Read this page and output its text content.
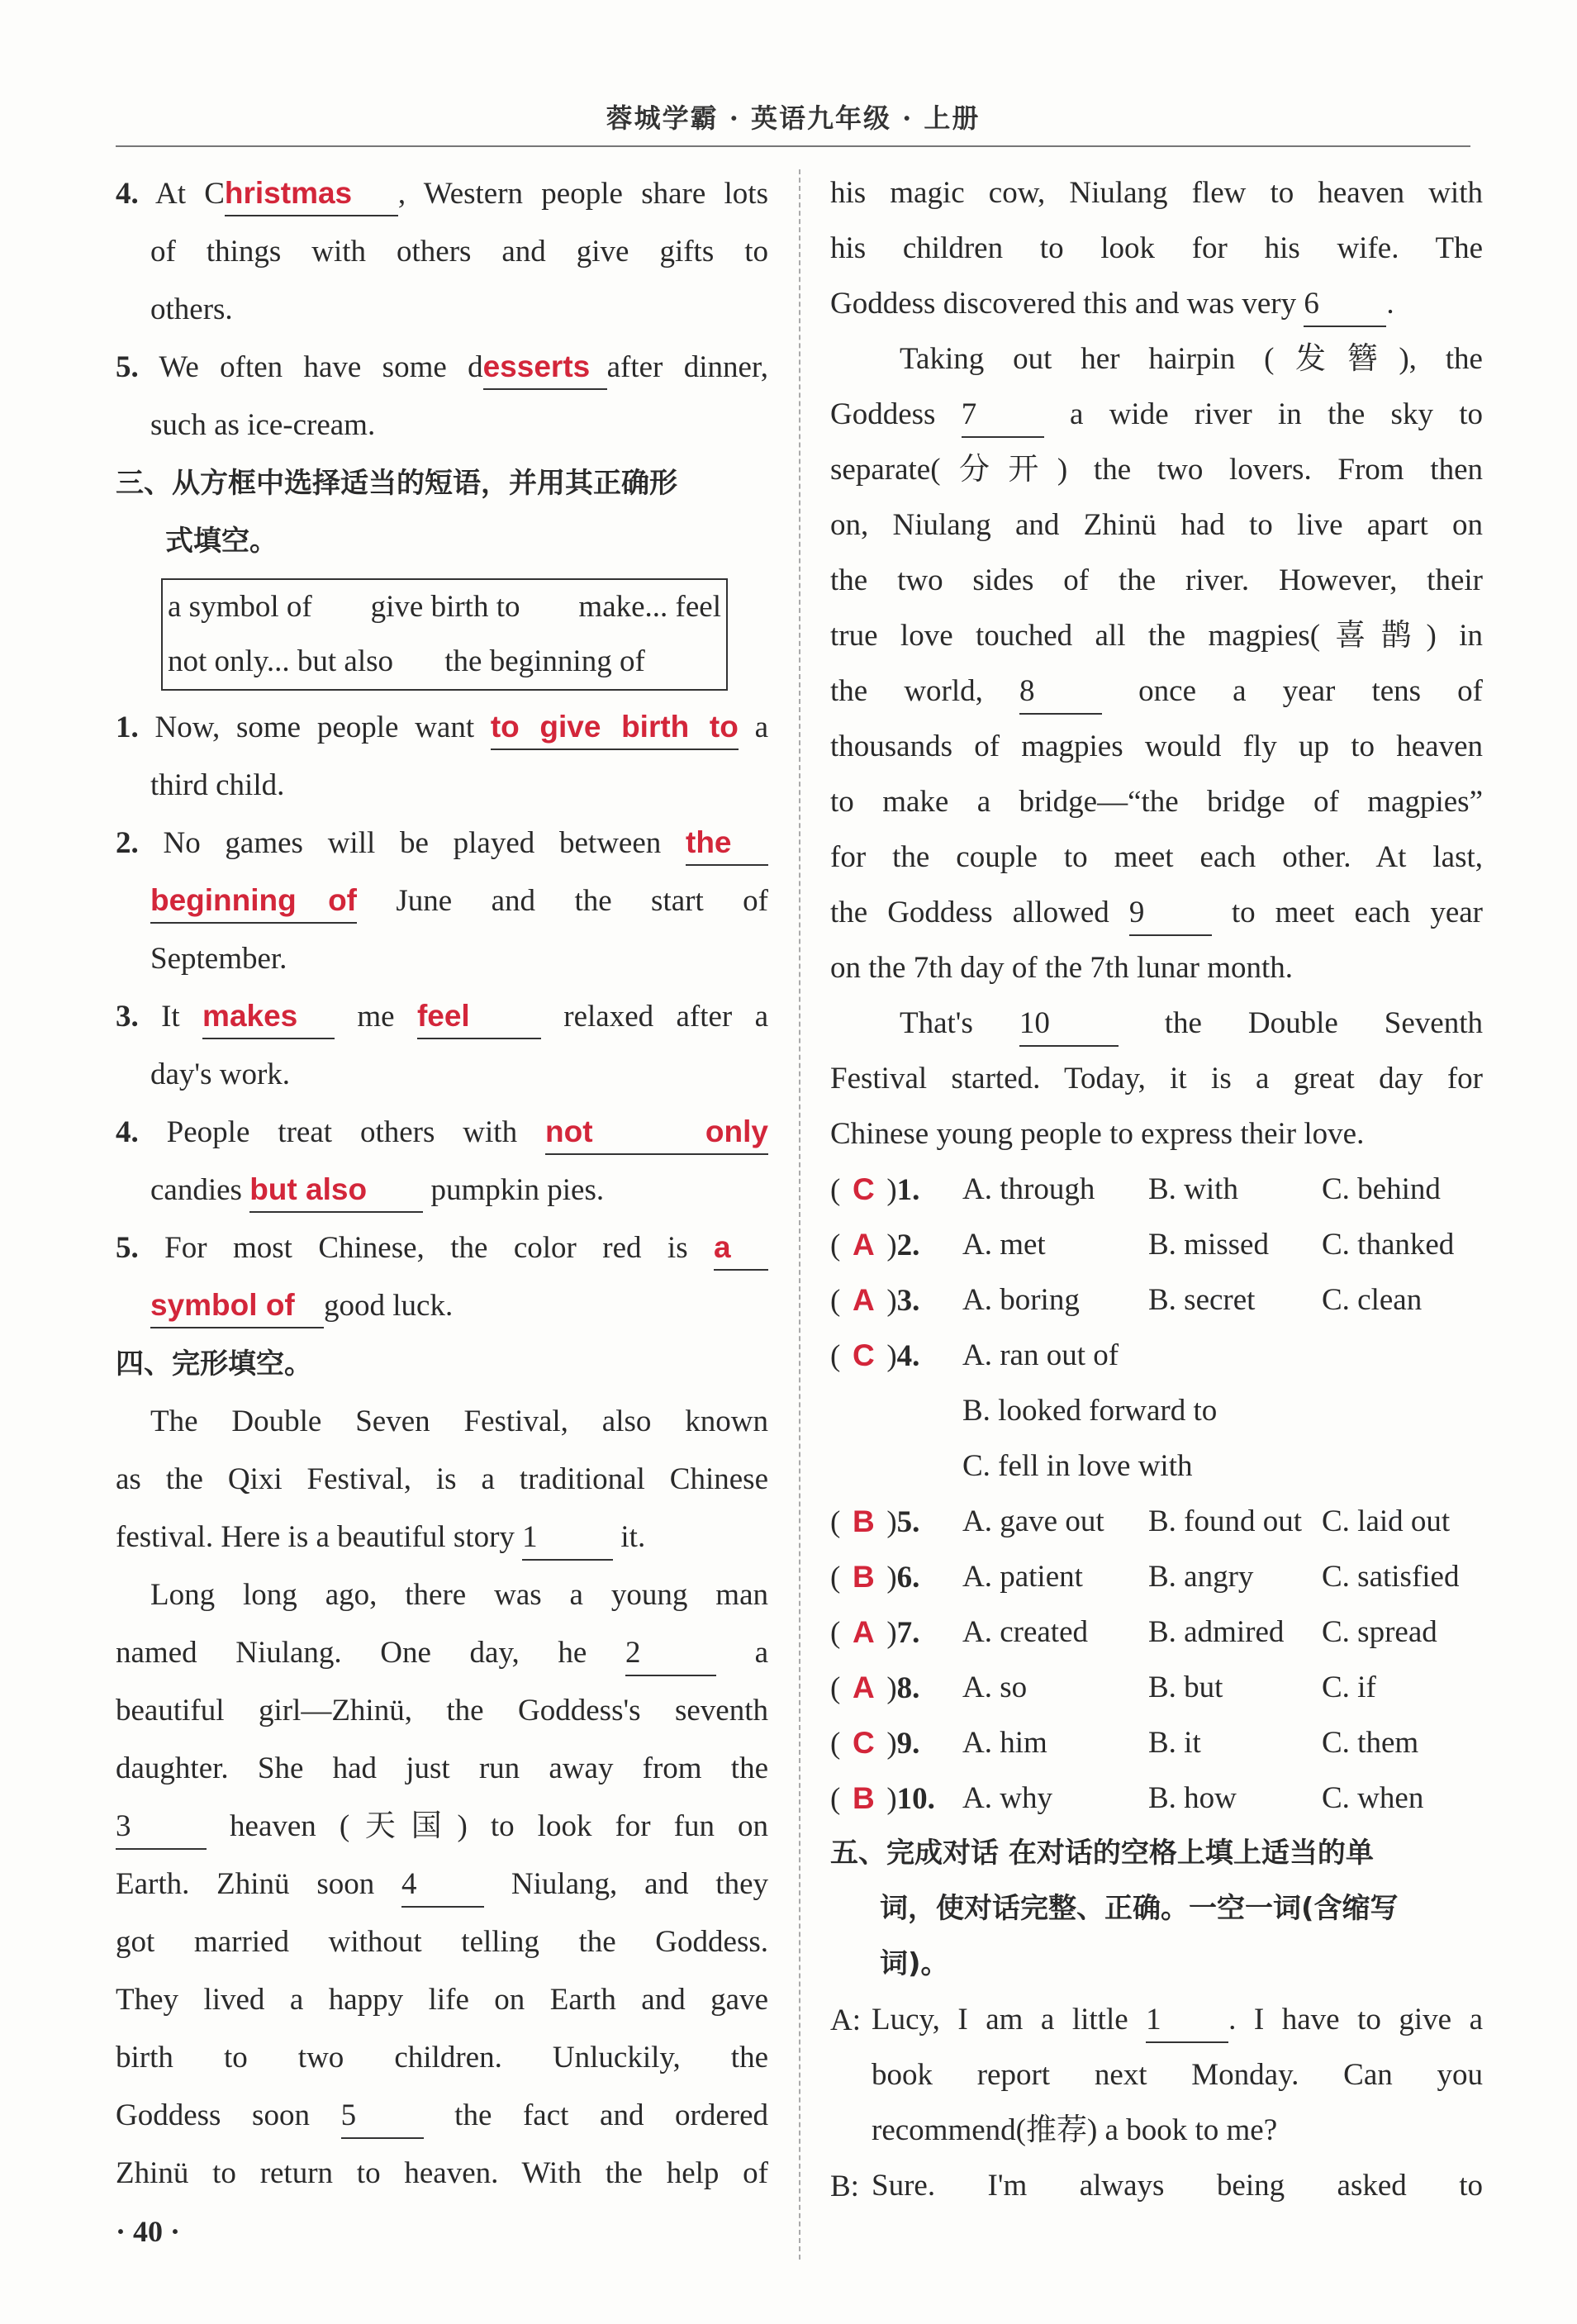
蓉城学霸 · 英语九年级 · 上册
4. At Christmas , Western people share lots
of things with others and give gifts to
others.
5. We often have some desserts after dinner,
such as ice-cream.
三、从方框中选择适当的短语，并用其正确形
式填空。
a symbol of give birth to make... feel
not only... but also the beginning of
1. Now, some people want to give birth to a
third child.
2. No games will be played between the
beginning of June and the start of
September.
3. It makes me feel	relaxed after a
day's work.
4. People treat others with not only
candies but also pumpkin pies.
5. For most Chinese, the color red is a
symbol of good luck.
四、完形填空。
The Double Seven Festival, also known
as the Qixi Festival, is a traditional Chinese
festival. Here is a beautiful story 1	it.
Long long ago, there was a young man
named Niulang. One day, he 2	a
beautiful girl—Zhinü, the Goddess's seventh
daughter. She had just run away from the
3	heaven (天国) to look for fun on
Earth. Zhinü soon 4	Niulang, and they
got married without telling the Goddess.
They lived a happy life on Earth and gave
birth to two children. Unluckily, the
Goddess soon 5	the fact and ordered
Zhinü to return to heaven. With the help of
his magic cow, Niulang flew to heaven with
his children to look for his wife. The
Goddess discovered this and was very 6 .
Taking out her hairpin (发簪), the
Goddess 7	a wide river in the sky to
separate(分开) the two lovers. From then
on, Niulang and Zhinü had to live apart on
the two sides of the river. However, their
true love touched all the magpies(喜鹊) in
the world, 8	once a year tens of
thousands of magpies would fly up to heaven
to make a bridge—“the bridge of magpies”
for the couple to meet each other. At last,
the Goddess allowed 9	to meet each year
on the 7th day of the 7th lunar month.
That's 10	the Double Seventh
Festival started. Today, it is a great day for
Chinese young people to express their love.
( C )1.	A. through	B. with	C. behind
( A )2.	A. met	B. missed	C. thanked
( A )3.	A. boring	B. secret	C. clean
( C )4.	A. ran out of
B. looked forward to
C. fell in love with
( B )5.	A. gave out	B. found out C. laid out
( B )6.	A. patient	B. angry	C. satisfied
( A )7.	A. created	B. admired	C. spread
( A )8.	A. so	B. but	C. if
( C )9.	A. him	B. it	C. them
( B )10. A. why	B. how	C. when
五、完成对话 在对话的空格上填上适当的单
词，使对话完整、正确。一空一词(含缩写
词)。
A: Lucy, I am a little 1 . I have to give a
book report next Monday. Can you
recommend(推荐) a book to me?
B: Sure. I'm always being asked to
· 40 ·
